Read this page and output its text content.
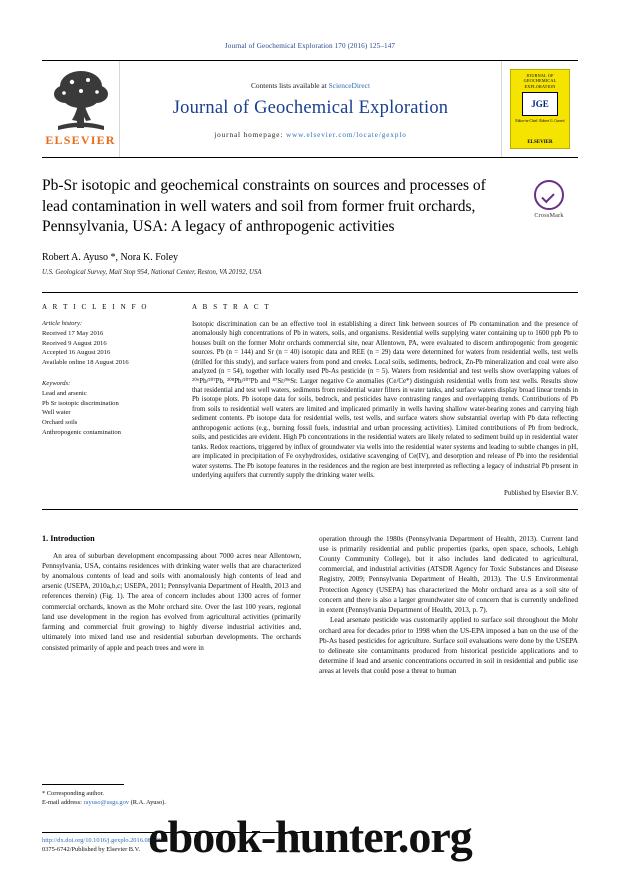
Journal of Geochemical Exploration 170 (2016) 125–147
ELSEVIER
Contents lists available at ScienceDirect
Journal of Geochemical Exploration
journal homepage: www.elsevier.com/locate/gexplo
JOURNAL OF GEOCHEMICAL EXPLORATION
JGE
Editor-in-Chief: Robert G. Garrett
ELSEVIER
Pb-Sr isotopic and geochemical constraints on sources and processes of lead contamination in well waters and soil from former fruit orchards, Pennsylvania, USA: A legacy of anthropogenic activities
CrossMark
Robert A. Ayuso *, Nora K. Foley
U.S. Geological Survey, Mail Stop 954, National Center, Reston, VA 20192, USA
A R T I C L E I N F O
Article history:
Received 17 May 2016
Received 9 August 2016
Accepted 16 August 2016
Available online 18 August 2016
Keywords:
Lead and arsenic
Pb Sr isotopic discrimination
Well water
Orchard soils
Anthropogenic contamination
A B S T R A C T
Isotopic discrimination can be an effective tool in establishing a direct link between sources of Pb contamination and the presence of anomalously high concentrations of Pb in waters, soils, and organisms. Residential wells supplying water containing up to 1600 ppb Pb to houses built on the former Mohr orchards commercial site, near Allentown, PA, were evaluated to discern anthropogenic from geogenic sources. Pb (n = 144) and Sr (n = 40) isotopic data and REE (n = 29) data were determined for waters from residential wells, test wells (drilled for this study), and surface waters from pond and creeks. Local soils, sediments, bedrock, Zn-Pb mineralization and coal were also analyzed (n = 54), together with locally used Pb-As pesticide (n = 5). Waters from residential and test wells show overlapping values of ²⁰⁶Pb/²⁰⁷Pb, ²⁰⁸Pb/²⁰⁷Pb and ⁸⁷Sr/⁸⁶Sr. Larger negative Ce anomalies (Ce/Ce*) distinguish residential wells from test wells. Results show that residential and test well waters, sediments from residential water filters in water tanks, and surface waters display broad linear trends in Pb isotope plots. Pb isotope data for soils, bedrock, and pesticides have contrasting ranges and overlapping trends. Contributions of Pb from soils to residential well waters are limited and implicated primarily in wells having shallow water-bearing zones and carrying high sediment contents. Pb isotope data for residential wells, test wells, and surface waters show substantial overlap with Pb data reflecting anthropogenic actions (e.g., burning fossil fuels, industrial and urban processing activities). Limited contributions of Pb from bedrock, soils, and pesticides are evident. High Pb concentrations in the residential waters are likely related to sediment build up in residential water tanks. Redox reactions, triggered by influx of groundwater via wells into the residential water systems and leading to subtle changes in pH, are implicated in precipitation of Fe oxyhydroxides, oxidative scavenging of Ce(IV), and desorption and release of Pb into the residential water systems. The Pb isotope features in the residences and the region are best interpreted as reflecting a legacy of industrial Pb present in underlying aquifers that currently supply the drinking water wells.
Published by Elsevier B.V.
1. Introduction

An area of suburban development encompassing about 7000 acres near Allentown, Pennsylvania, USA, contains residences with drinking water wells that are characterized by anomalous contents of lead and soils with anomalously high contents of lead and arsenic (USEPA, 2010a,b,c; USEPA, 2011; Pennsylvania Department of Health, 2013 and references therein) (Fig. 1). The area of concern includes about 1300 acres of former commercial orchards, known as the Mohr orchard site. Over the last 100 years, regional land use development in the region has evolved from agricultural activities (primarily farming and commercial fruit growing) to highly diverse industrial activities and, ultimately into mixed land use and residential suburban developments. The orchards consisted primarily of apple and peach trees and were in

operation through the 1980s (Pennsylvania Department of Health, 2013). Current land use is primarily residential and public properties (parks, open space, schools, Lehigh County Community College), but it also includes land dedicated to agricultural, commercial, and industrial activities (ATSDR Agency for Toxic Substances and Disease Registry, 2009; Pennsylvania Department of Health, 2013). The U.S Environmental Protection Agency (USEPA) has characterized the Mohr orchard area as a soil site of concern and there is also a larger groundwater site of concern that is currently undefined in extent (Pennsylvania Department of Health, 2013, p. 7).

Lead arsenate pesticide was customarily applied to surface soil throughout the Mohr orchard area for decades prior to 1998 when the US-EPA imposed a ban on the use of the Pb-As based pesticides for agriculture. Surface soil evaluations were done by the USEPA to delineate site contaminants produced from historical pesticide applications and to determine if lead and arsenic concentrations occurred in soil in residential and public use areas at levels that could pose a threat to human

* Corresponding author.
E-mail address: rayuso@usgs.gov (R.A. Ayuso).
http://dx.doi.org/10.1016/j.gexplo.2016.08.008
0375-6742/Published by Elsevier B.V. ebook-hunter.org
